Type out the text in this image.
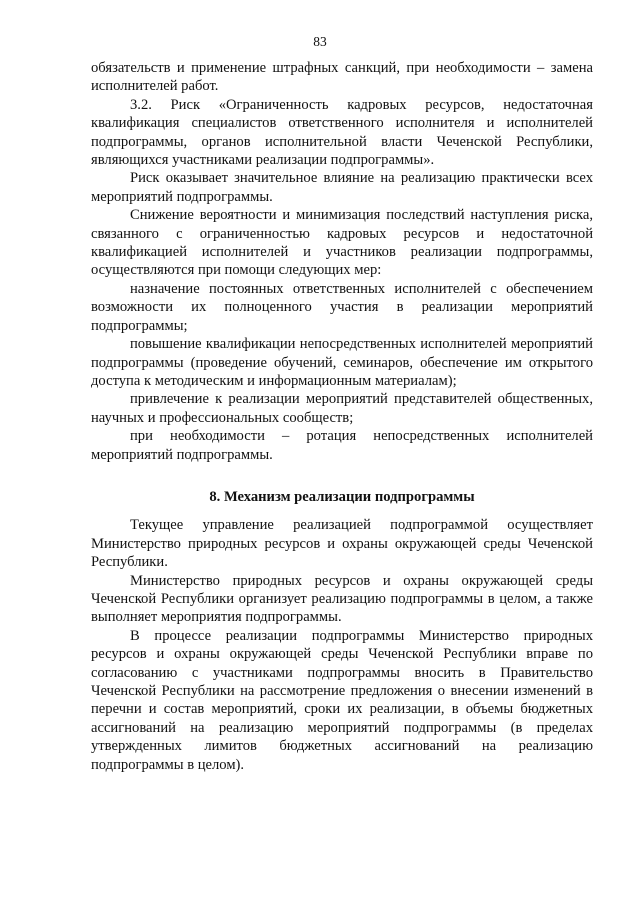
83

обязательств и применение штрафных санкций, при необходимости – замена исполнителей работ.

3.2. Риск «Ограниченность кадровых ресурсов, недостаточная квалификация специалистов ответственного исполнителя и исполнителей подпрограммы, органов исполнительной власти Чеченской Республики, являющихся участниками реализации подпрограммы».

Риск оказывает значительное влияние на реализацию практически всех мероприятий подпрограммы.

Снижение вероятности и минимизация последствий наступления риска, связанного с ограниченностью кадровых ресурсов и недостаточной квалификацией исполнителей и участников реализации подпрограммы, осуществляются при помощи следующих мер:

назначение постоянных ответственных исполнителей с обеспечением возможности их полноценного участия в реализации мероприятий подпрограммы;

повышение квалификации непосредственных исполнителей мероприятий подпрограммы (проведение обучений, семинаров, обеспечение им открытого доступа к методическим и информационным материалам);

привлечение к реализации мероприятий представителей общественных, научных и профессиональных сообществ;

при необходимости – ротация непосредственных исполнителей мероприятий подпрограммы.

8. Механизм реализации подпрограммы

Текущее управление реализацией подпрограммой осуществляет Министерство природных ресурсов и охраны окружающей среды Чеченской Республики.

Министерство природных ресурсов и охраны окружающей среды Чеченской Республики организует реализацию подпрограммы в целом, а также выполняет мероприятия подпрограммы.

В процессе реализации подпрограммы Министерство природных ресурсов и охраны окружающей среды Чеченской Республики вправе по согласованию с участниками подпрограммы вносить в Правительство Чеченской Республики на рассмотрение предложения о внесении изменений в перечни и состав мероприятий, сроки их реализации, в объемы бюджетных ассигнований на реализацию мероприятий подпрограммы (в пределах утвержденных лимитов бюджетных ассигнований на реализацию подпрограммы в целом).
